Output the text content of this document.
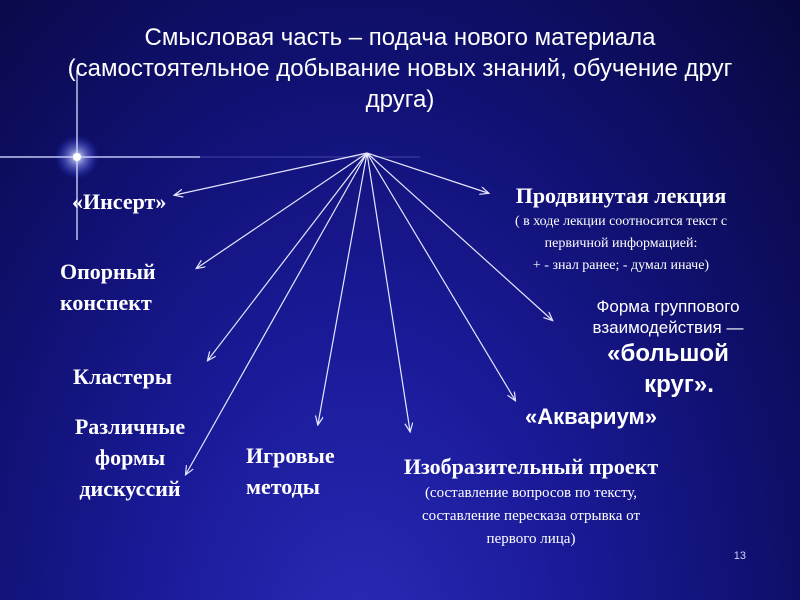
Смысловая часть – подача нового материала
(самостоятельное добывание новых знаний, обучение друг
друга)
«Инсерт»
Опорный
конспект
Кластеры
Различные
формы
дискуссий
Игровые
методы
Изобразительный проект
(составление вопросов по тексту,
составление пересказа отрывка от
первого лица)
«Аквариум»
Форма группового
взаимодействия —
«большой
круг».
Продвинутая лекция
( в ходе лекции соотносится текст с
первичной информацией:
+ - знал ранее; - думал иначе)
13
